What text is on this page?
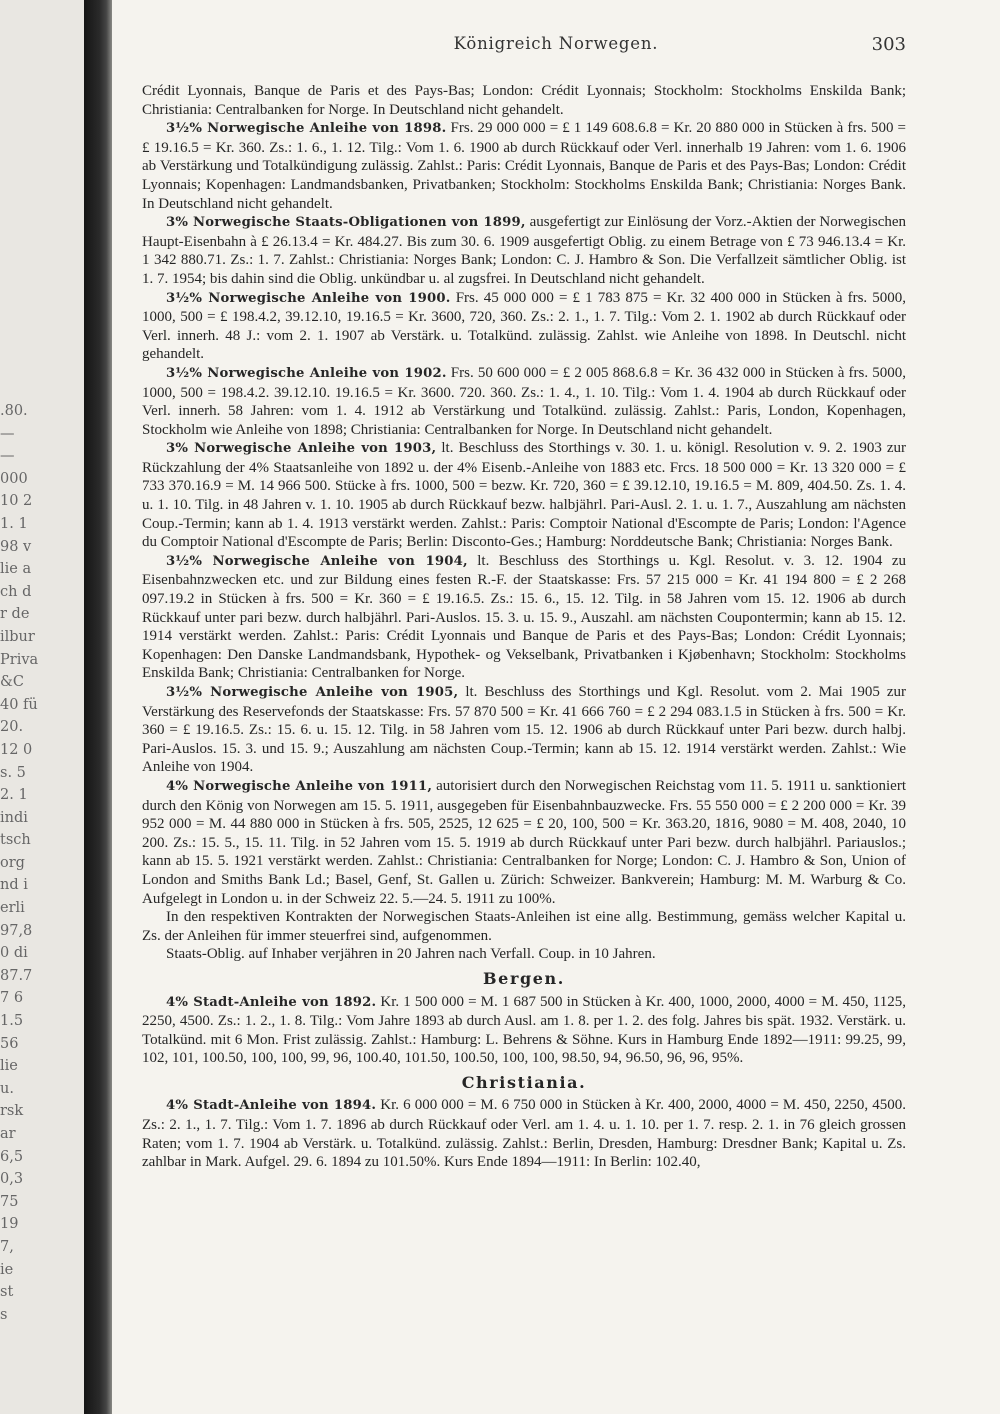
.80.
—
—
000
10 2
1. 1
98 v
lie a
ch d
r de
ilbur
Priva
&C
40 fü
20.
12 0
s. 5
2. 1
indi
tsch
org
nd i
erli
97,8
0 di
87.7
7 6
1.5
56
lie
u.
rsk
ar
6,5
0,3
75
19
7,
ie
st
s
Königreich Norwegen.	303

Crédit Lyonnais, Banque de Paris et des Pays-Bas; London: Crédit Lyonnais; Stockholm: Stockholms Enskilda Bank; Christiania: Centralbanken for Norge. In Deutschland nicht gehandelt.

3½% Norwegische Anleihe von 1898. Frs. 29 000 000 = £ 1 149 608.6.8 = Kr. 20 880 000 in Stücken à frs. 500 = £ 19.16.5 = Kr. 360. Zs.: 1. 6., 1. 12. Tilg.: Vom 1. 6. 1900 ab durch Rückkauf oder Verl. innerhalb 19 Jahren: vom 1. 6. 1906 ab Verstärkung und Totalkündigung zulässig. Zahlst.: Paris: Crédit Lyonnais, Banque de Paris et des Pays-Bas; London: Crédit Lyonnais; Kopenhagen: Landmandsbanken, Privatbanken; Stockholm: Stockholms Enskilda Bank; Christiania: Norges Bank. In Deutschland nicht gehandelt.

3% Norwegische Staats-Obligationen von 1899, ausgefertigt zur Einlösung der Vorz.-Aktien der Norwegischen Haupt-Eisenbahn à £ 26.13.4 = Kr. 484.27. Bis zum 30. 6. 1909 ausgefertigt Oblig. zu einem Betrage von £ 73 946.13.4 = Kr. 1 342 880.71. Zs.: 1. 7. Zahlst.: Christiania: Norges Bank; London: C. J. Hambro & Son. Die Verfallzeit sämtlicher Oblig. ist 1. 7. 1954; bis dahin sind die Oblig. unkündbar u. al zugsfrei. In Deutschland nicht gehandelt.

3½% Norwegische Anleihe von 1900. Frs. 45 000 000 = £ 1 783 875 = Kr. 32 400 000 in Stücken à frs. 5000, 1000, 500 = £ 198.4.2, 39.12.10, 19.16.5 = Kr. 3600, 720, 360. Zs.: 2. 1., 1. 7. Tilg.: Vom 2. 1. 1902 ab durch Rückkauf oder Verl. innerh. 48 J.: vom 2. 1. 1907 ab Verstärk. u. Totalkünd. zulässig. Zahlst. wie Anleihe von 1898. In Deutschl. nicht gehandelt.

3½% Norwegische Anleihe von 1902. Frs. 50 600 000 = £ 2 005 868.6.8 = Kr. 36 432 000 in Stücken à frs. 5000, 1000, 500 = 198.4.2. 39.12.10. 19.16.5 = Kr. 3600. 720. 360. Zs.: 1. 4., 1. 10. Tilg.: Vom 1. 4. 1904 ab durch Rückkauf oder Verl. innerh. 58 Jahren: vom 1. 4. 1912 ab Verstärkung und Totalkünd. zulässig. Zahlst.: Paris, London, Kopenhagen, Stockholm wie Anleihe von 1898; Christiania: Centralbanken for Norge. In Deutschland nicht gehandelt.

3% Norwegische Anleihe von 1903, lt. Beschluss des Storthings v. 30. 1. u. königl. Resolution v. 9. 2. 1903 zur Rückzahlung der 4% Staatsanleihe von 1892 u. der 4% Eisenb.-Anleihe von 1883 etc. Frcs. 18 500 000 = Kr. 13 320 000 = £ 733 370.16.9 = M. 14 966 500. Stücke à frs. 1000, 500 = bezw. Kr. 720, 360 = £ 39.12.10, 19.16.5 = M. 809, 404.50. Zs. 1. 4. u. 1. 10. Tilg. in 48 Jahren v. 1. 10. 1905 ab durch Rückkauf bezw. halbjährl. Pari-Ausl. 2. 1. u. 1. 7., Auszahlung am nächsten Coup.-Termin; kann ab 1. 4. 1913 verstärkt werden. Zahlst.: Paris: Comptoir National d'Escompte de Paris; London: l'Agence du Comptoir National d'Escompte de Paris; Berlin: Disconto-Ges.; Hamburg: Norddeutsche Bank; Christiania: Norges Bank.

3½% Norwegische Anleihe von 1904, lt. Beschluss des Storthings u. Kgl. Resolut. v. 3. 12. 1904 zu Eisenbahnzwecken etc. und zur Bildung eines festen R.-F. der Staatskasse: Frs. 57 215 000 = Kr. 41 194 800 = £ 2 268 097.19.2 in Stücken à frs. 500 = Kr. 360 = £ 19.16.5. Zs.: 15. 6., 15. 12. Tilg. in 58 Jahren vom 15. 12. 1906 ab durch Rückkauf unter pari bezw. durch halbjährl. Pari-Auslos. 15. 3. u. 15. 9., Auszahl. am nächsten Coupontermin; kann ab 15. 12. 1914 verstärkt werden. Zahlst.: Paris: Crédit Lyonnais und Banque de Paris et des Pays-Bas; London: Crédit Lyonnais; Kopenhagen: Den Danske Landmandsbank, Hypothek- og Vekselbank, Privatbanken i Kjøbenhavn; Stockholm: Stockholms Enskilda Bank; Christiania: Centralbanken for Norge.

3½% Norwegische Anleihe von 1905, lt. Beschluss des Storthings und Kgl. Resolut. vom 2. Mai 1905 zur Verstärkung des Reservefonds der Staatskasse: Frs. 57 870 500 = Kr. 41 666 760 = £ 2 294 083.1.5 in Stücken à frs. 500 = Kr. 360 = £ 19.16.5. Zs.: 15. 6. u. 15. 12. Tilg. in 58 Jahren vom 15. 12. 1906 ab durch Rückkauf unter Pari bezw. durch halbj. Pari-Auslos. 15. 3. und 15. 9.; Auszahlung am nächsten Coup.-Termin; kann ab 15. 12. 1914 verstärkt werden. Zahlst.: Wie Anleihe von 1904.

4% Norwegische Anleihe von 1911, autorisiert durch den Norwegischen Reichstag vom 11. 5. 1911 u. sanktioniert durch den König von Norwegen am 15. 5. 1911, ausgegeben für Eisenbahnbauzwecke. Frs. 55 550 000 = £ 2 200 000 = Kr. 39 952 000 = M. 44 880 000 in Stücken à frs. 505, 2525, 12 625 = £ 20, 100, 500 = Kr. 363.20, 1816, 9080 = M. 408, 2040, 10 200. Zs.: 15. 5., 15. 11. Tilg. in 52 Jahren vom 15. 5. 1919 ab durch Rückkauf unter Pari bezw. durch halbjährl. Pariauslos.; kann ab 15. 5. 1921 verstärkt werden. Zahlst.: Christiania: Centralbanken for Norge; London: C. J. Hambro & Son, Union of London and Smiths Bank Ld.; Basel, Genf, St. Gallen u. Zürich: Schweizer. Bankverein; Hamburg: M. M. Warburg & Co. Aufgelegt in London u. in der Schweiz 22. 5.—24. 5. 1911 zu 100%.

In den respektiven Kontrakten der Norwegischen Staats-Anleihen ist eine allg. Bestimmung, gemäss welcher Kapital u. Zs. der Anleihen für immer steuerfrei sind, aufgenommen.

Staats-Oblig. auf Inhaber verjähren in 20 Jahren nach Verfall. Coup. in 10 Jahren.

Bergen.

4% Stadt-Anleihe von 1892. Kr. 1 500 000 = M. 1 687 500 in Stücken à Kr. 400, 1000, 2000, 4000 = M. 450, 1125, 2250, 4500. Zs.: 1. 2., 1. 8. Tilg.: Vom Jahre 1893 ab durch Ausl. am 1. 8. per 1. 2. des folg. Jahres bis spät. 1932. Verstärk. u. Totalkünd. mit 6 Mon. Frist zulässig. Zahlst.: Hamburg: L. Behrens & Söhne. Kurs in Hamburg Ende 1892—1911: 99.25, 99, 102, 101, 100.50, 100, 100, 99, 96, 100.40, 101.50, 100.50, 100, 100, 98.50, 94, 96.50, 96, 96, 95%.

Christiania.

4% Stadt-Anleihe von 1894. Kr. 6 000 000 = M. 6 750 000 in Stücken à Kr. 400, 2000, 4000 = M. 450, 2250, 4500. Zs.: 2. 1., 1. 7. Tilg.: Vom 1. 7. 1896 ab durch Rückkauf oder Verl. am 1. 4. u. 1. 10. per 1. 7. resp. 2. 1. in 76 gleich grossen Raten; vom 1. 7. 1904 ab Verstärk. u. Totalkünd. zulässig. Zahlst.: Berlin, Dresden, Hamburg: Dresdner Bank; Kapital u. Zs. zahlbar in Mark. Aufgel. 29. 6. 1894 zu 101.50%. Kurs Ende 1894—1911: In Berlin: 102.40,
